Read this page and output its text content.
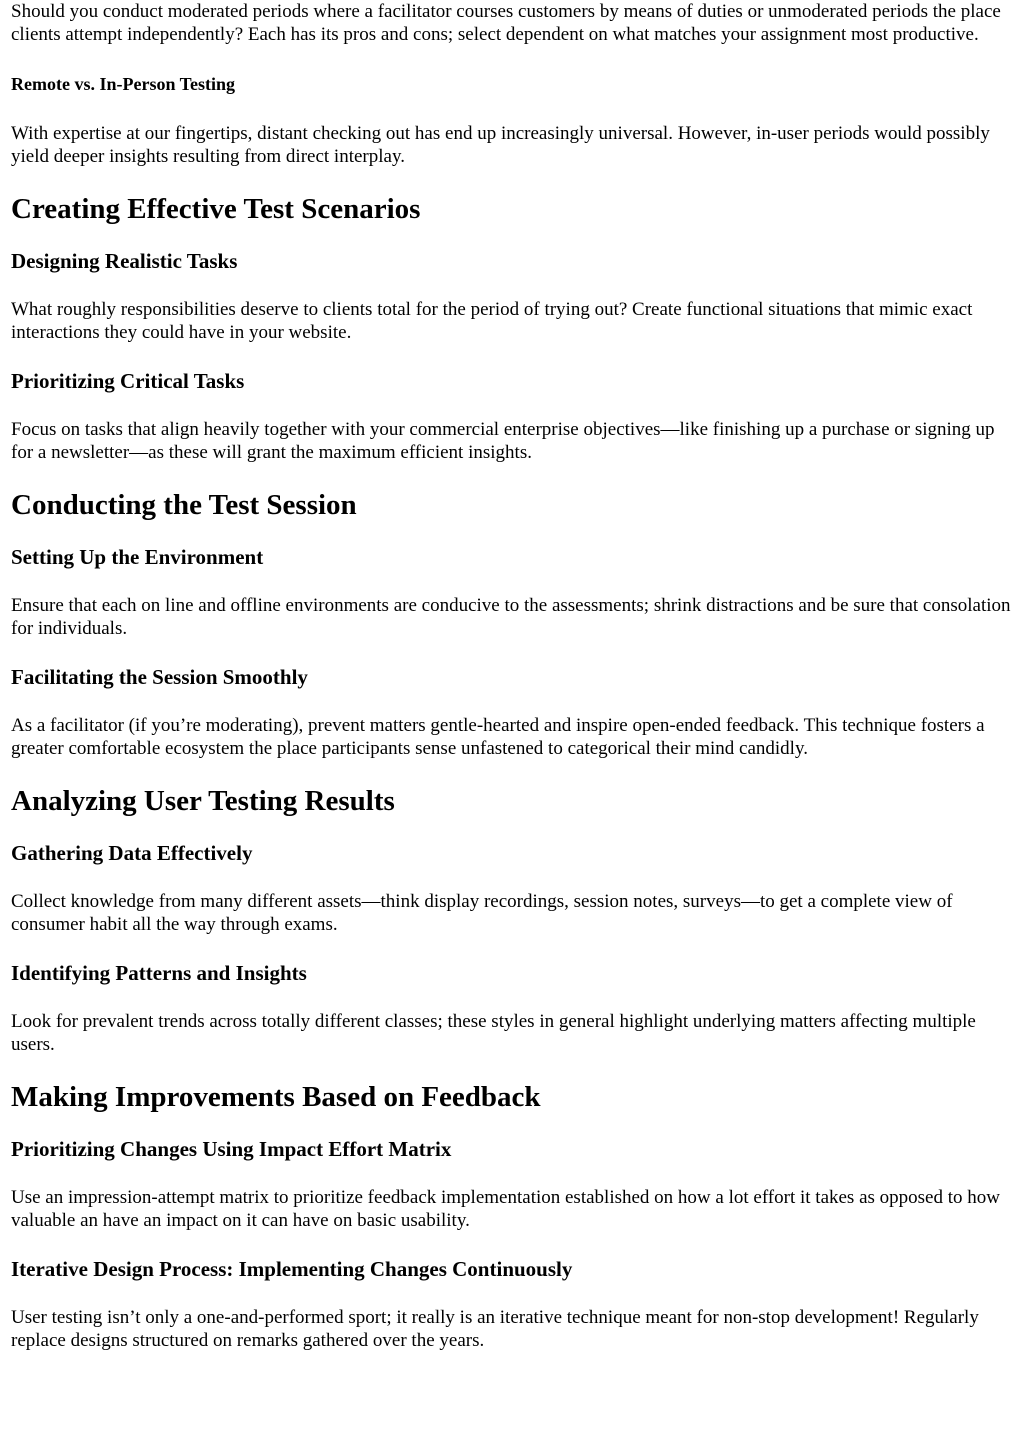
Should you conduct moderated periods where a facilitator courses customers by means of duties or unmoderated periods the place clients attempt independently? Each has its pros and cons; select dependent on what matches your assignment most productive.

Remote vs. In-Person Testing

With expertise at our fingertips, distant checking out has end up increasingly universal. However, in-user periods would possibly yield deeper insights resulting from direct interplay.

Creating Effective Test Scenarios
Designing Realistic Tasks

What roughly responsibilities deserve to clients total for the period of trying out? Create functional situations that mimic exact interactions they could have in your website.

Prioritizing Critical Tasks

Focus on tasks that align heavily together with your commercial enterprise objectives—like finishing up a purchase or signing up for a newsletter—as these will grant the maximum efficient insights.

Conducting the Test Session
Setting Up the Environment

Ensure that each on line and offline environments are conducive to the assessments; shrink distractions and be sure that consolation for individuals.

Facilitating the Session Smoothly

As a facilitator (if you’re moderating), prevent matters gentle-hearted and inspire open-ended feedback. This technique fosters a greater comfortable ecosystem the place participants sense unfastened to categorical their mind candidly.

Analyzing User Testing Results
Gathering Data Effectively

Collect knowledge from many different assets—think display recordings, session notes, surveys—to get a complete view of consumer habit all the way through exams.

Identifying Patterns and Insights

Look for prevalent trends across totally different classes; these styles in general highlight underlying matters affecting multiple users.

Making Improvements Based on Feedback
Prioritizing Changes Using Impact Effort Matrix

Use an impression-attempt matrix to prioritize feedback implementation established on how a lot effort it takes as opposed to how valuable an have an impact on it can have on basic usability.

Iterative Design Process: Implementing Changes Continuously

User testing isn’t only a one-and-performed sport; it really is an iterative technique meant for non-stop development! Regularly replace designs structured on remarks gathered over the years.
